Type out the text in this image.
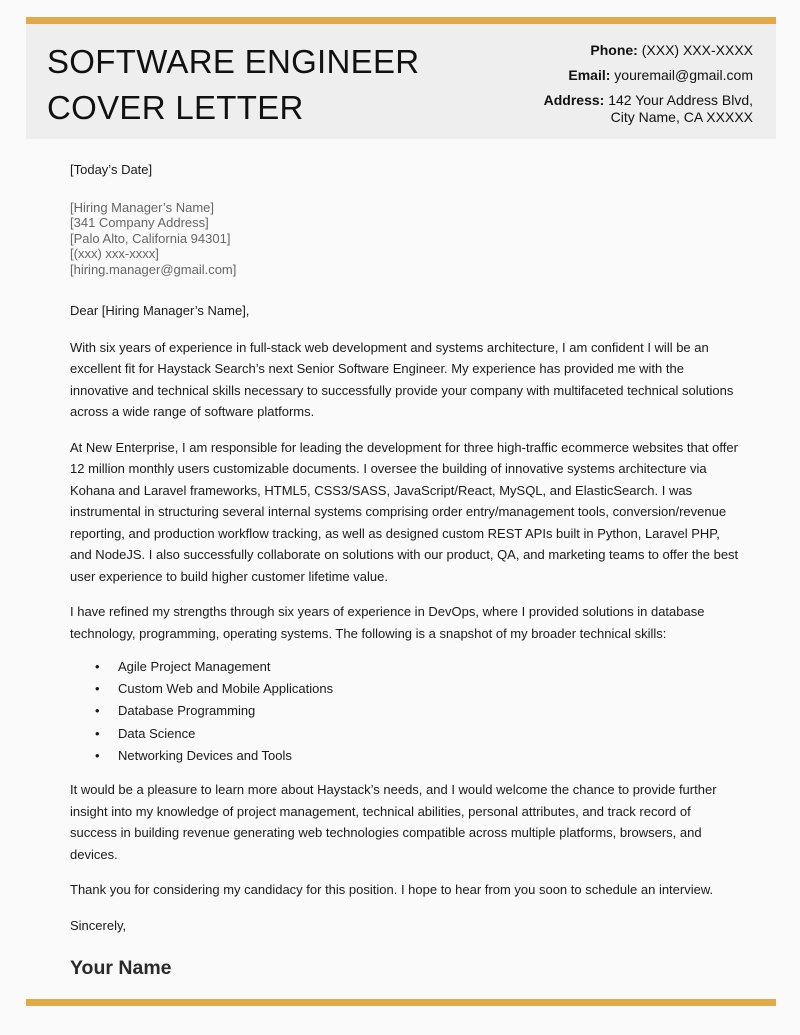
SOFTWARE ENGINEER
COVER LETTER
Phone: (XXX) XXX-XXXX
Email: youremail@gmail.com
Address: 142 Your Address Blvd,
City Name, CA XXXXX
[Today’s Date]
[Hiring Manager’s Name]
[341 Company Address]
[Palo Alto, California 94301]
[(xxx) xxx-xxxx]
[hiring.manager@gmail.com]
Dear [Hiring Manager’s Name],

With six years of experience in full-stack web development and systems architecture, I am confident I will be an excellent fit for Haystack Search’s next Senior Software Engineer. My experience has provided me with the innovative and technical skills necessary to successfully provide your company with multifaceted technical solutions across a wide range of software platforms.

At New Enterprise, I am responsible for leading the development for three high-traffic ecommerce websites that offer 12 million monthly users customizable documents. I oversee the building of innovative systems architecture via Kohana and Laravel frameworks, HTML5, CSS3/SASS, JavaScript/React, MySQL, and ElasticSearch. I was instrumental in structuring several internal systems comprising order entry/management tools, conversion/revenue reporting, and production workflow tracking, as well as designed custom REST APIs built in Python, Laravel PHP, and NodeJS. I also successfully collaborate on solutions with our product, QA, and marketing teams to offer the best user experience to build higher customer lifetime value.

I have refined my strengths through six years of experience in DevOps, where I provided solutions in database technology, programming, operating systems. The following is a snapshot of my broader technical skills:

• Agile Project Management
• Custom Web and Mobile Applications
• Database Programming
• Data Science
• Networking Devices and Tools

It would be a pleasure to learn more about Haystack’s needs, and I would welcome the chance to provide further insight into my knowledge of project management, technical abilities, personal attributes, and track record of success in building revenue generating web technologies compatible across multiple platforms, browsers, and devices.

Thank you for considering my candidacy for this position. I hope to hear from you soon to schedule an interview.

Sincerely,
Your Name
